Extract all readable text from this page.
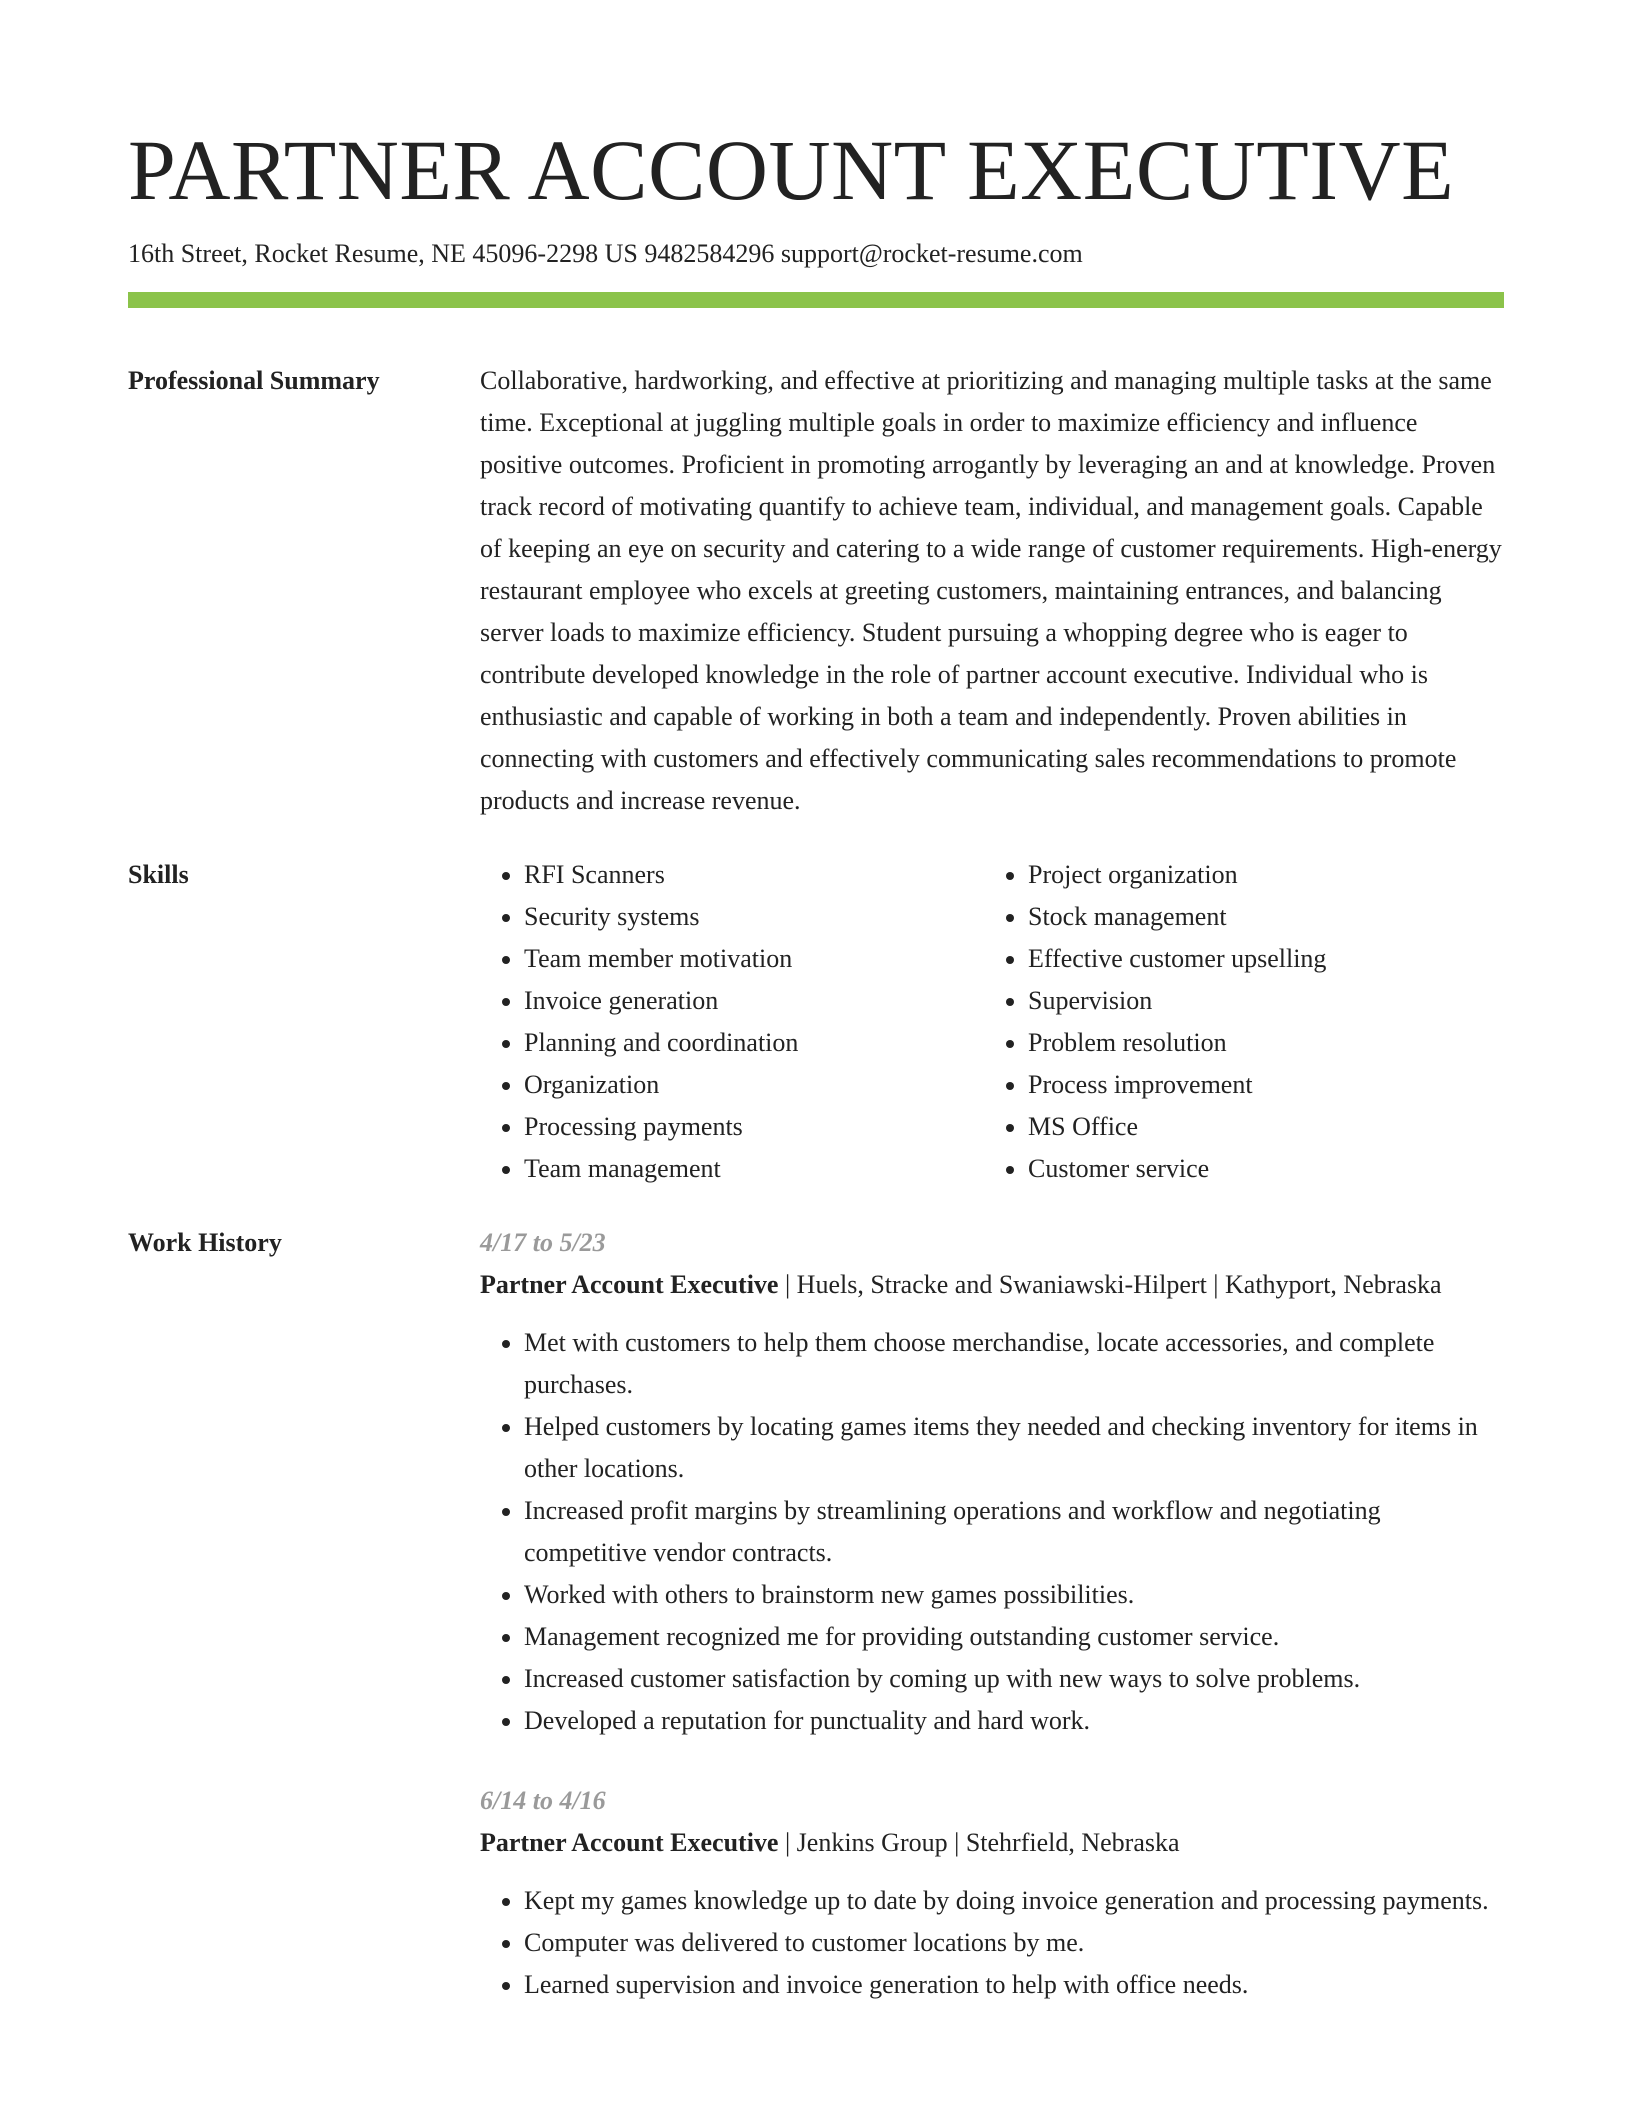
PARTNER ACCOUNT EXECUTIVE
16th Street, Rocket Resume, NE 45096-2298 US 9482584296 support@rocket-resume.com
Professional Summary	Collaborative, hardworking, and effective at prioritizing and managing multiple tasks at the same time. Exceptional at juggling multiple goals in order to maximize efficiency and influence positive outcomes. Proficient in promoting arrogantly by leveraging an and at knowledge. Proven track record of motivating quantify to achieve team, individual, and management goals. Capable of keeping an eye on security and catering to a wide range of customer requirements. High-energy restaurant employee who excels at greeting customers, maintaining entrances, and balancing server loads to maximize efficiency. Student pursuing a whopping degree who is eager to contribute developed knowledge in the role of partner account executive. Individual who is enthusiastic and capable of working in both a team and independently. Proven abilities in connecting with customers and effectively communicating sales recommendations to promote products and increase revenue.

Skills
•	RFI Scanners
• Security systems
• Team member motivation
• Invoice generation
• Planning and coordination
• Organization
• Processing payments
• Team management
• Project organization
• Stock management
• Effective customer upselling
• Supervision
• Problem resolution
• Process improvement
• MS Office
• Customer service
Work History	4/17 to 5/23
Partner Account Executive | Huels, Stracke and Swaniawski-Hilpert | Kathyport, Nebraska
• Met with customers to help them choose merchandise, locate accessories, and complete purchases.
• Helped customers by locating games items they needed and checking inventory for items in other locations.
• Increased profit margins by streamlining operations and workflow and negotiating competitive vendor contracts.
• Worked with others to brainstorm new games possibilities.
• Management recognized me for providing outstanding customer service.
• Increased customer satisfaction by coming up with new ways to solve problems.
• Developed a reputation for punctuality and hard work.
6/14 to 4/16
Partner Account Executive | Jenkins Group | Stehrfield, Nebraska
• Kept my games knowledge up to date by doing invoice generation and processing payments.
• Computer was delivered to customer locations by me.
• Learned supervision and invoice generation to help with office needs.
